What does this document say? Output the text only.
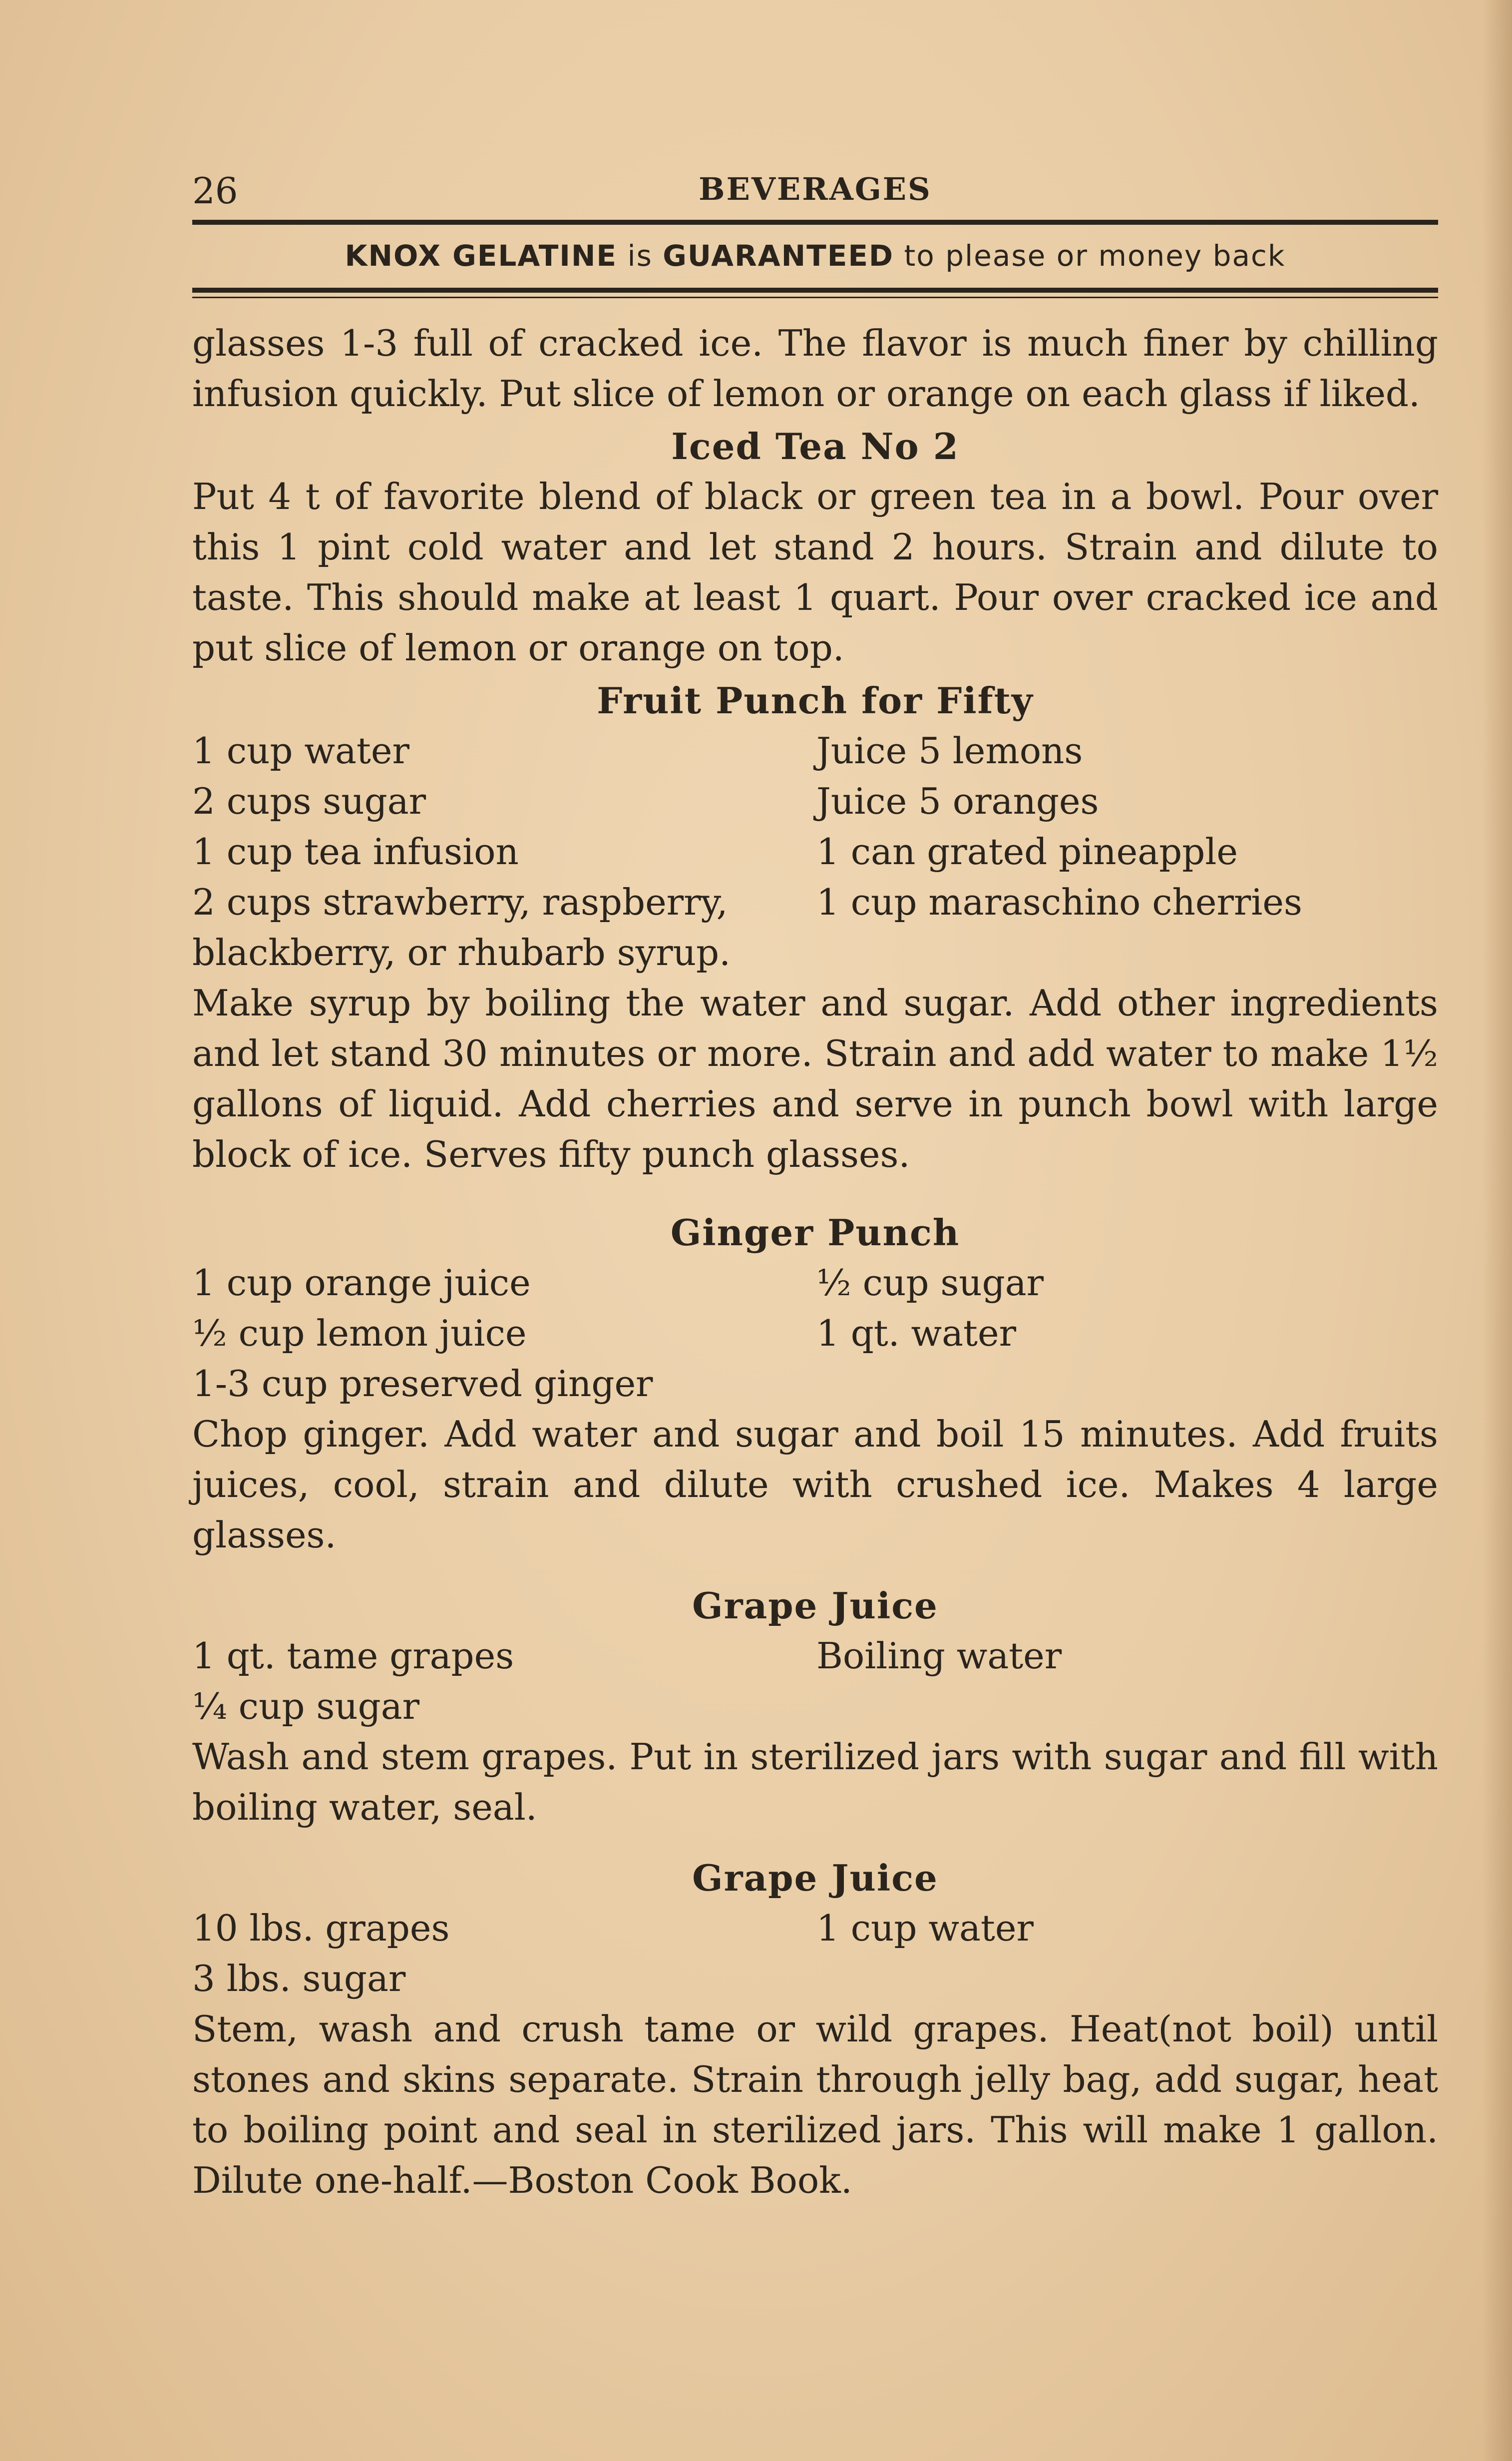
26	BEVERAGES
KNOX GELATINE is GUARANTEED to please or money back

glasses 1-3 full of cracked ice. The flavor is much finer by chilling infusion quickly. Put slice of lemon or orange on each glass if liked.

Iced Tea No 2

Put 4 t of favorite blend of black or green tea in a bowl. Pour over this 1 pint cold water and let stand 2 hours. Strain and dilute to taste. This should make at least 1 quart. Pour over cracked ice and put slice of lemon or orange on top.

Fruit Punch for Fifty
1 cup water	Juice 5 lemons
2 cups sugar	Juice 5 oranges
1 cup tea infusion	1 can grated pineapple
2 cups strawberry, raspberry,	1 cup maraschino cherries
blackberry, or rhubarb syrup.

Make syrup by boiling the water and sugar. Add other ingredients and let stand 30 minutes or more. Strain and add water to make 1½ gallons of liquid. Add cherries and serve in punch bowl with large block of ice. Serves fifty punch glasses.

Ginger Punch
1 cup orange juice	½ cup sugar
½ cup lemon juice	1 qt. water
1-3 cup preserved ginger

Chop ginger. Add water and sugar and boil 15 minutes. Add fruits juices, cool, strain and dilute with crushed ice. Makes 4 large glasses.

Grape Juice
1 qt. tame grapes	Boiling water
¼ cup sugar

Wash and stem grapes. Put in sterilized jars with sugar and fill with boiling water, seal.

Grape Juice
10 lbs. grapes	1 cup water
3 lbs. sugar

Stem, wash and crush tame or wild grapes. Heat(not boil) until stones and skins separate. Strain through jelly bag, add sugar, heat to boiling point and seal in sterilized jars. This will make 1 gallon. Dilute one-half.—Boston Cook Book.
